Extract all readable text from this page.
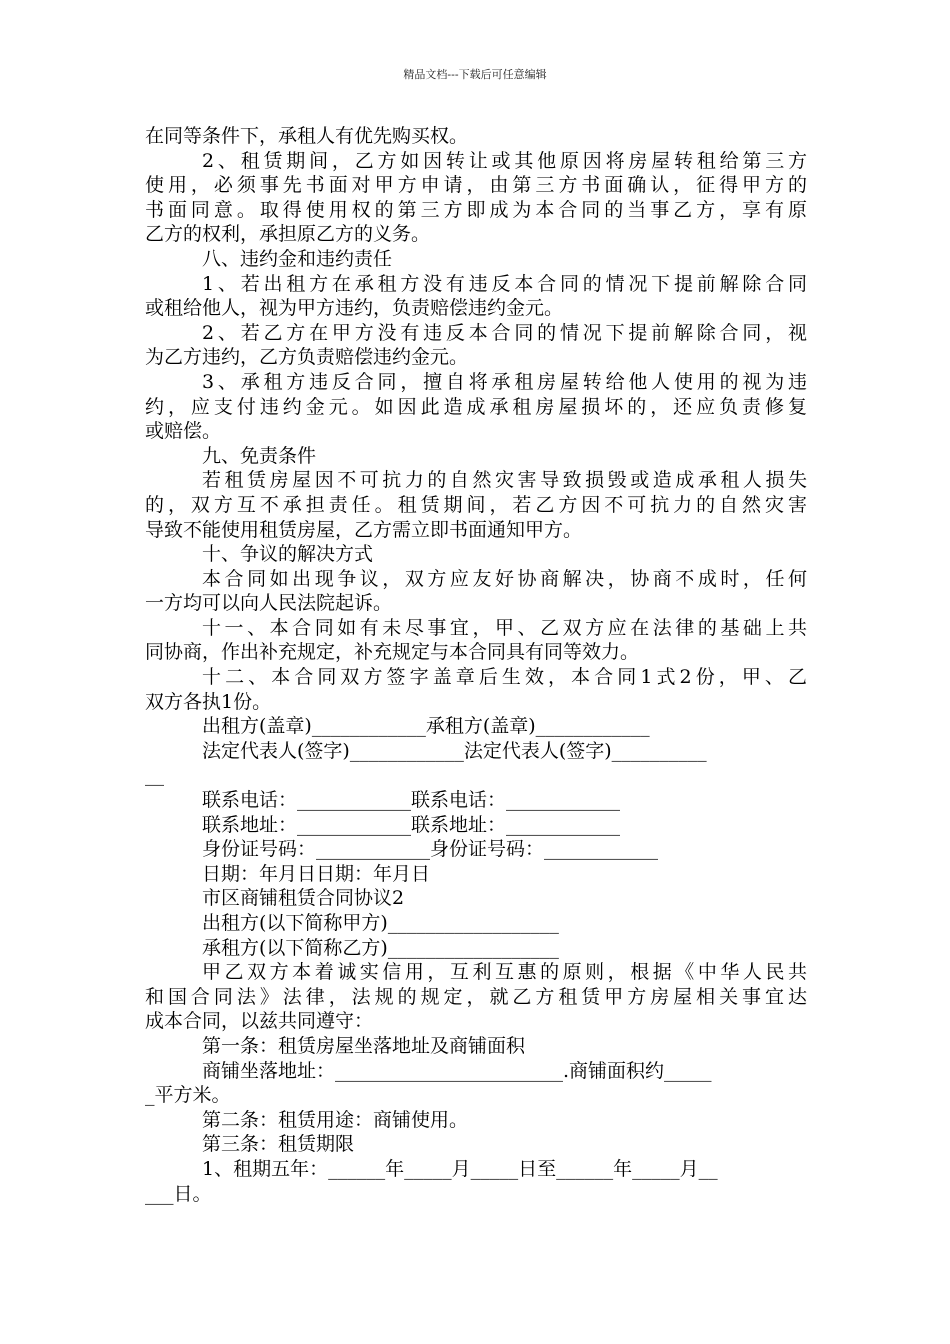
精品文档---下载后可任意编辑
在同等条件下，承租人有优先购买权。
2、租赁期间，乙方如因转让或其他原因将房屋转租给第三方
使用，必须事先书面对甲方申请，由第三方书面确认，征得甲方的
书面同意。取得使用权的第三方即成为本合同的当事乙方，享有原
乙方的权利，承担原乙方的义务。
八、违约金和违约责任
1、若出租方在承租方没有违反本合同的情况下提前解除合同
或租给他人，视为甲方违约，负责赔偿违约金元。
2、若乙方在甲方没有违反本合同的情况下提前解除合同，视
为乙方违约，乙方负责赔偿违约金元。
3、承租方违反合同，擅自将承租房屋转给他人使用的视为违
约，应支付违约金元。如因此造成承租房屋损坏的，还应负责修复
或赔偿。
九、免责条件
若租赁房屋因不可抗力的自然灾害导致损毁或造成承租人损失
的，双方互不承担责任。租赁期间，若乙方因不可抗力的自然灾害
导致不能使用租赁房屋，乙方需立即书面通知甲方。
十、争议的解决方式
本合同如出现争议，双方应友好协商解决，协商不成时，任何
一方均可以向人民法院起诉。
十一、本合同如有未尽事宜，甲、乙双方应在法律的基础上共
同协商，作出补充规定，补充规定与本合同具有同等效力。
十二、本合同双方签字盖章后生效，本合同1式2份，甲、乙
双方各执1份。
出租方(盖章)____________承租方(盖章)____________
法定代表人(签字)____________法定代表人(签字)__________
__
联系电话：____________联系电话：____________
联系地址：____________联系地址：____________
身份证号码：____________身份证号码：____________
日期：年月日日期：年月日
市区商铺租赁合同协议2
出租方(以下简称甲方)__________________
承租方(以下简称乙方)__________________
甲乙双方本着诚实信用，互利互惠的原则，根据《中华人民共
和国合同法》法律，法规的规定，就乙方租赁甲方房屋相关事宜达
成本合同，以兹共同遵守：
第一条：租赁房屋坐落地址及商铺面积
商铺坐落地址：________________________.商铺面积约_____
_平方米。
第二条：租赁用途：商铺使用。
第三条：租赁期限
1、租期五年：______年_____月_____日至______年_____月__
___日。
